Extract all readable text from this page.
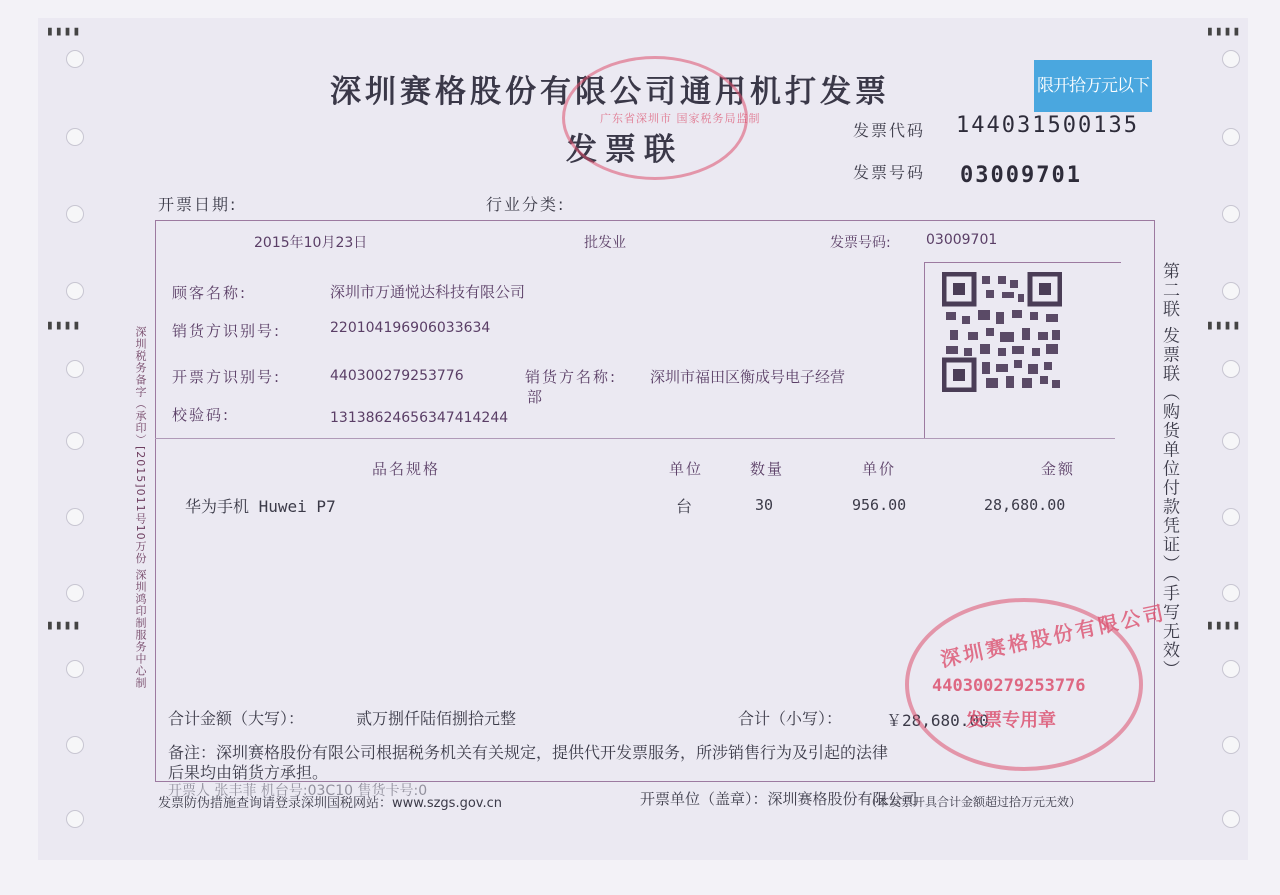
▮▮▮▮
▮▮▮▮
▮▮▮▮
▮▮▮▮
▮▮▮▮
▮▮▮▮
深圳赛格股份有限公司通用机打发票
发票联
广东省深圳市 国家税务局监制
限开拾万元以下
发票代码 144031500135
发票号码 03009701
开票日期:	行业分类:
2015年10月23日	批发业	发票号码:	03009701
顾客名称:	深圳市万通悦达科技有限公司
销货方识别号:	220104196906033634
开票方识别号:	440300279253776	销货方名称: 深圳市福田区衡成号电子经营
部
校验码:	13138624656347414244
品名规格	单位	数量	单价	金额
华为手机 Huwei P7	台	30	956.00	28,680.00
合计金额（大写）：	贰万捌仟陆佰捌拾元整	合计（小写）：	￥28,680.00
备注：深圳赛格股份有限公司根据税务机关有关规定，提供代开发票服务，所涉销售行为及引起的法律
后果均由销货方承担。
开票人 张丰菲 机台号:03C10 售货卡号:0
发票防伪措施查询请登录深圳国税网站：www.szgs.gov.cn	开票单位（盖章）：深圳赛格股份有限公司
（本发票开具合计金额超过拾万元无效）
深圳赛格股份有限公司
440300279253776
发票专用章
深圳税务备字（承印）[2015]011号10万份 深圳鸿印制服务中心制	第二联 发票联（购货单位付款凭证）（手写无效）
